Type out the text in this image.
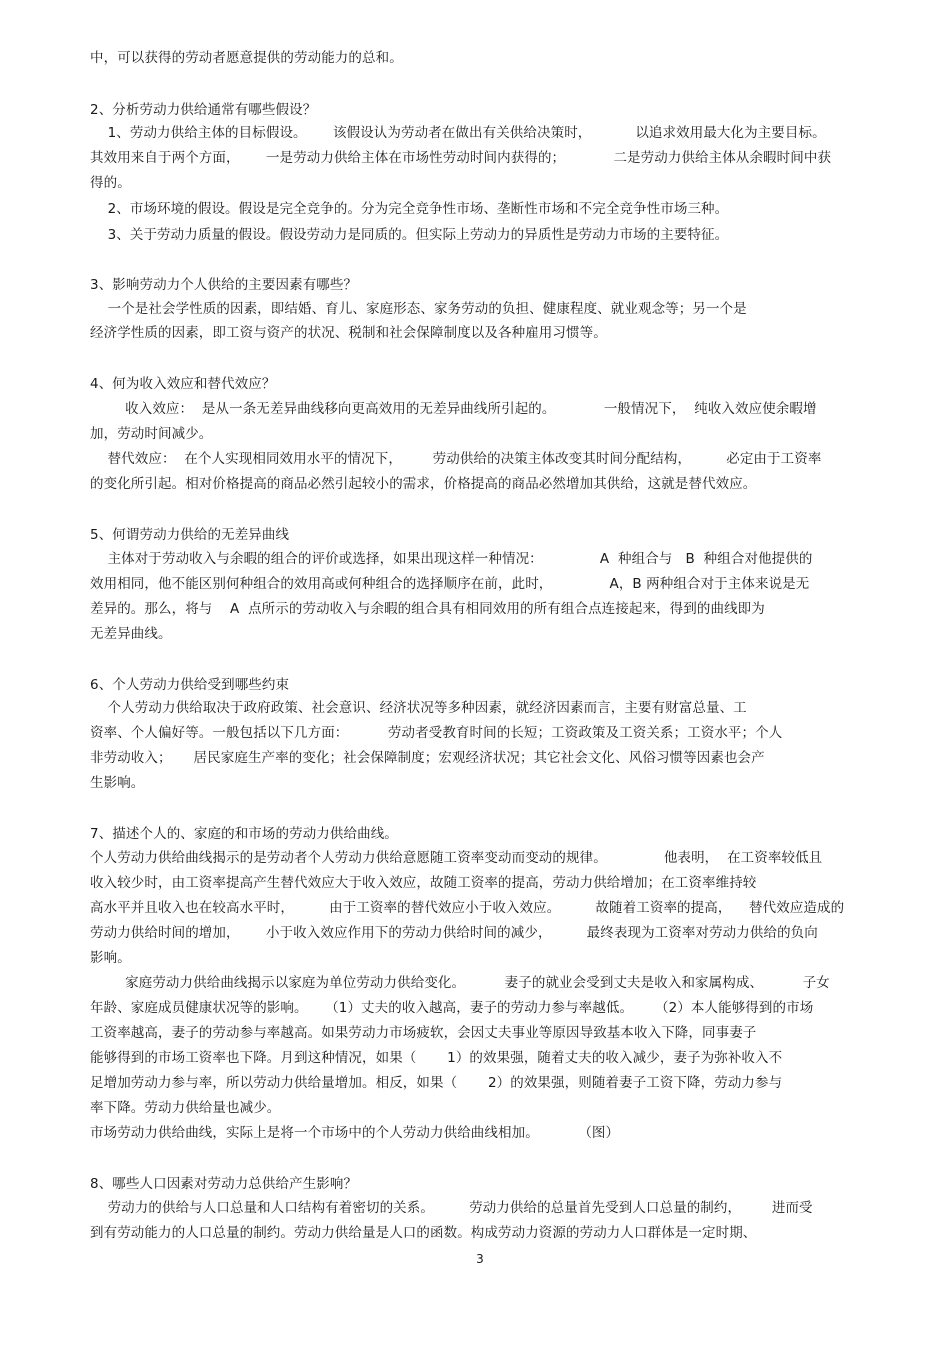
中，可以获得的劳动者愿意提供的劳动能力的总和。
2、分析劳动力供给通常有哪些假设？
1、劳动力供给主体的目标假设。      该假设认为劳动者在做出有关供给决策时，          以追求效用最大化为主要目标。
其效用来自于两个方面，      一是劳动力供给主体在市场性劳动时间内获得的；           二是劳动力供给主体从余暇时间中获
得的。
2、市场环境的假设。假设是完全竞争的。分为完全竞争性市场、垄断性市场和不完全竞争性市场三种。
3、关于劳动力质量的假设。假设劳动力是同质的。但实际上劳动力的异质性是劳动力市场的主要特征。
3、影响劳动力个人供给的主要因素有哪些？
一个是社会学性质的因素，即结婚、育儿、家庭形态、家务劳动的负担、健康程度、就业观念等；另一个是
经济学性质的因素，即工资与资产的状况、税制和社会保障制度以及各种雇用习惯等。
4、何为收入效应和替代效应？
收入效应：  是从一条无差异曲线移向更高效用的无差异曲线所引起的。           一般情况下，  纯收入效应使余暇增
加，劳动时间减少。
替代效应：  在个人实现相同效用水平的情况下，       劳动供给的决策主体改变其时间分配结构，        必定由于工资率
的变化所引起。相对价格提高的商品必然引起较小的需求，价格提高的商品必然增加其供给，这就是替代效应。
5、何谓劳动力供给的无差异曲线
主体对于劳动收入与余暇的组合的评价或选择，如果出现这样一种情况：             A  种组合与   B  种组合对他提供的
效用相同，他不能区别何种组合的效用高或何种组合的选择顺序在前，此时，             A，B 两种组合对于主体来说是无
差异的。那么，将与    A  点所示的劳动收入与余暇的组合具有相同效用的所有组合点连接起来，得到的曲线即为
无差异曲线。
6、个人劳动力供给受到哪些约束
个人劳动力供给取决于政府政策、社会意识、经济状况等多种因素，就经济因素而言，主要有财富总量、工
资率、个人偏好等。一般包括以下几方面：         劳动者受教育时间的长短；工资政策及工资关系；工资水平；个人
非劳动收入；     居民家庭生产率的变化；社会保障制度；宏观经济状况；其它社会文化、风俗习惯等因素也会产
生影响。
7、描述个人的、家庭的和市场的劳动力供给曲线。
个人劳动力供给曲线揭示的是劳动者个人劳动力供给意愿随工资率变动而变动的规律。             他表明，  在工资率较低且
收入较少时，由工资率提高产生替代效应大于收入效应，故随工资率的提高，劳动力供给增加；在工资率维持较
高水平并且收入也在较高水平时，        由于工资率的替代效应小于收入效应。        故随着工资率的提高，    替代效应造成的
劳动力供给时间的增加，      小于收入效应作用下的劳动力供给时间的减少，        最终表现为工资率对劳动力供给的负向
影响。
家庭劳动力供给曲线揭示以家庭为单位劳动力供给变化。         妻子的就业会受到丈夫是收入和家属构成、         子女
年龄、家庭成员健康状况等的影响。    （1）丈夫的收入越高，妻子的劳动力参与率越低。     （2）本人能够得到的市场
工资率越高，妻子的劳动参与率越高。如果劳动力市场疲软，会因丈夫事业等原因导致基本收入下降，同事妻子
能够得到的市场工资率也下降。月到这种情况，如果（       1）的效果强，随着丈夫的收入减少，妻子为弥补收入不
足增加劳动力参与率，所以劳动力供给量增加。相反，如果（       2）的效果强，则随着妻子工资下降，劳动力参与
率下降。劳动力供给量也减少。
市场劳动力供给曲线，实际上是将一个市场中的个人劳动力供给曲线相加。         （图）
8、哪些人口因素对劳动力总供给产生影响？
劳动力的供给与人口总量和人口结构有着密切的关系。        劳动力供给的总量首先受到人口总量的制约，       进而受
到有劳动能力的人口总量的制约。劳动力供给量是人口的函数。构成劳动力资源的劳动力人口群体是一定时期、
3
